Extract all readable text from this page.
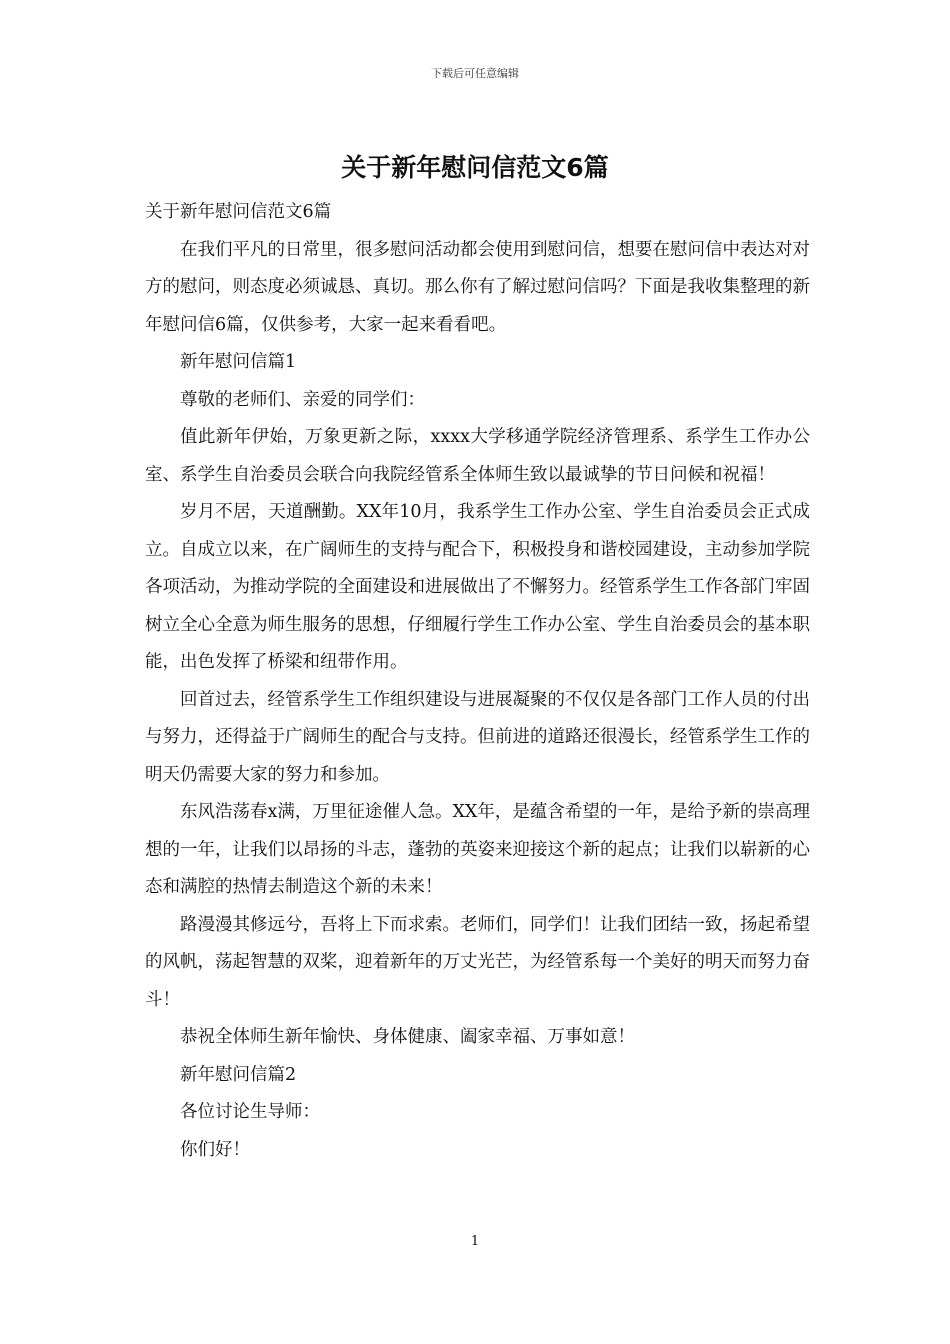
下载后可任意编辑
关于新年慰问信范文6篇

关于新年慰问信范文6篇

在我们平凡的日常里，很多慰问活动都会使用到慰问信，想要在慰问信中表达对对方的慰问，则态度必须诚恳、真切。那么你有了解过慰问信吗？下面是我收集整理的新年慰问信6篇，仅供参考，大家一起来看看吧。

新年慰问信篇1

尊敬的老师们、亲爱的同学们：

值此新年伊始，万象更新之际，xxxx大学移通学院经济管理系、系学生工作办公室、系学生自治委员会联合向我院经管系全体师生致以最诚挚的节日问候和祝福！

岁月不居，天道酬勤。XX年10月，我系学生工作办公室、学生自治委员会正式成立。自成立以来，在广阔师生的支持与配合下，积极投身和谐校园建设，主动参加学院各项活动，为推动学院的全面建设和进展做出了不懈努力。经管系学生工作各部门牢固树立全心全意为师生服务的思想，仔细履行学生工作办公室、学生自治委员会的基本职能，出色发挥了桥梁和纽带作用。

回首过去，经管系学生工作组织建设与进展凝聚的不仅仅是各部门工作人员的付出与努力，还得益于广阔师生的配合与支持。但前进的道路还很漫长，经管系学生工作的明天仍需要大家的努力和参加。

东风浩荡春x满，万里征途催人急。XX年，是蕴含希望的一年，是给予新的崇高理想的一年，让我们以昂扬的斗志，蓬勃的英姿来迎接这个新的起点；让我们以崭新的心态和满腔的热情去制造这个新的未来！

路漫漫其修远兮，吾将上下而求索。老师们，同学们！让我们团结一致，扬起希望的风帆，荡起智慧的双桨，迎着新年的万丈光芒，为经管系每一个美好的明天而努力奋斗！

恭祝全体师生新年愉快、身体健康、阖家幸福、万事如意！

新年慰问信篇2

各位讨论生导师：

你们好！

1
